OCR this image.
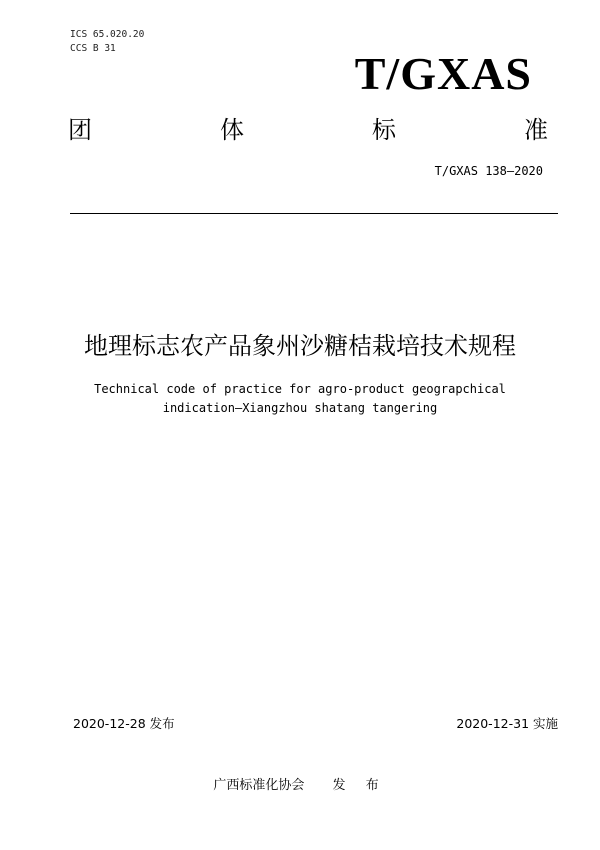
ICS 65.020.20
CCS B 31	T/GXAS
团	体	标	准
T/GXAS 138—2020
地理标志农产品象州沙糖桔栽培技术规程
Technical code of practice for agro-product geograpchical
indication—Xiangzhou shatang tangering
2020-12-28 发布	2020-12-31 实施
广西标准化协会 发 布
